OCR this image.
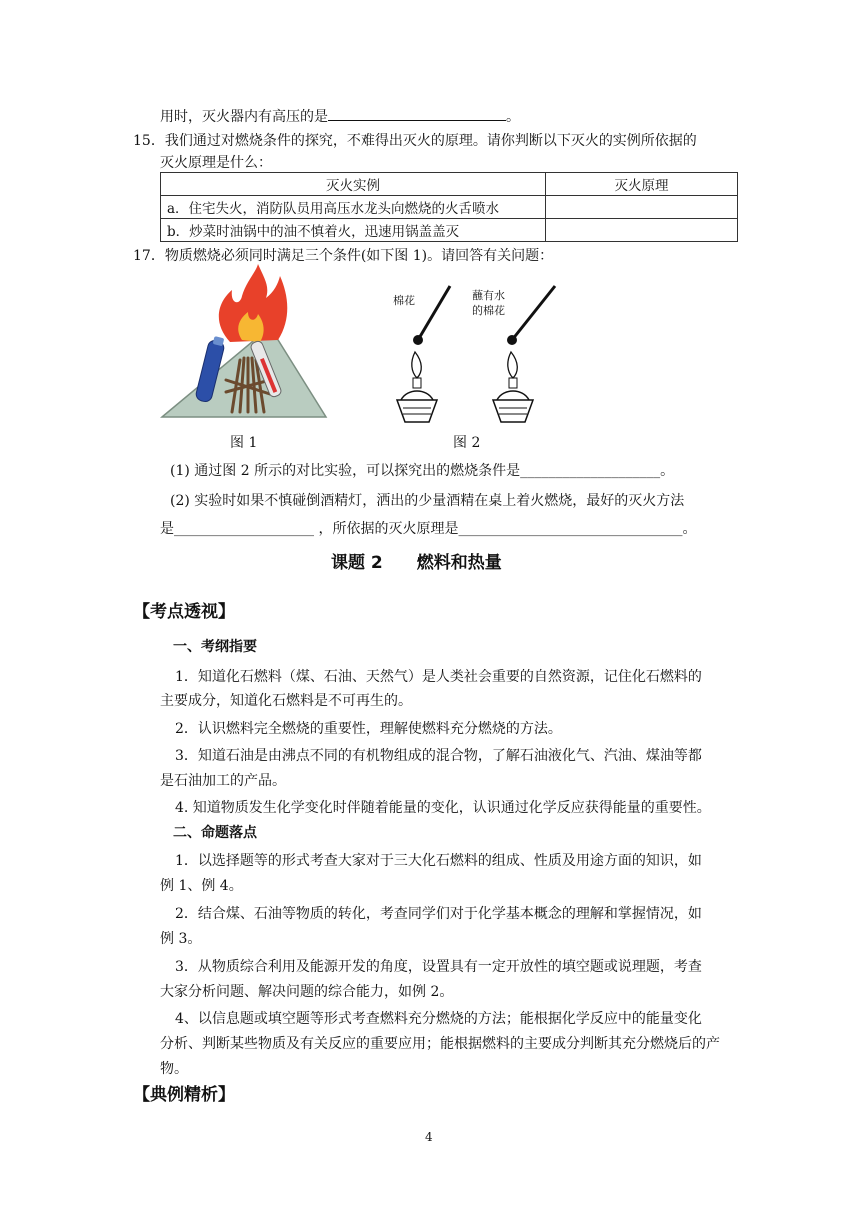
用时，灭火器内有高压的是	。
15．我们通过对燃烧条件的探究，不难得出灭火的原理。请你判断以下灭火的实例所依据的
灭火原理是什么：
灭火实例	灭火原理
a．住宅失火，消防队员用高压水龙头向燃烧的火舌喷水	
b．炒菜时油锅中的油不慎着火，迅速用锅盖盖灭	
17．物质燃烧必须同时满足三个条件(如下图 1)。请回答有关问题：
图 1
棉花	蘸有水
的棉花
图 2
(1) 通过图 2 所示的对比实验，可以探究出的燃烧条件是____________________。
(2) 实验时如果不慎碰倒酒精灯，洒出的少量酒精在桌上着火燃烧，最好的灭火方法
是____________________ ，所依据的灭火原理是________________________________。
课题 2　　燃料和热量
【考点透视】
一、考纲指要
1．知道化石燃料（煤、石油、天然气）是人类社会重要的自然资源，记住化石燃料的
主要成分，知道化石燃料是不可再生的。
2．认识燃料完全燃烧的重要性，理解使燃料充分燃烧的方法。
3．知道石油是由沸点不同的有机物组成的混合物，了解石油液化气、汽油、煤油等都
是石油加工的产品。
4. 知道物质发生化学变化时伴随着能量的变化，认识通过化学反应获得能量的重要性。
二、命题落点
1．以选择题等的形式考查大家对于三大化石燃料的组成、性质及用途方面的知识，如
例 1、例 4。
2．结合煤、石油等物质的转化，考查同学们对于化学基本概念的理解和掌握情况，如
例 3。
3．从物质综合利用及能源开发的角度，设置具有一定开放性的填空题或说理题，考查
大家分析问题、解决问题的综合能力，如例 2。
4、以信息题或填空题等形式考查燃料充分燃烧的方法；能根据化学反应中的能量变化
分析、判断某些物质及有关反应的重要应用；能根据燃料的主要成分判断其充分燃烧后的产
物。
【典例精析】
4
